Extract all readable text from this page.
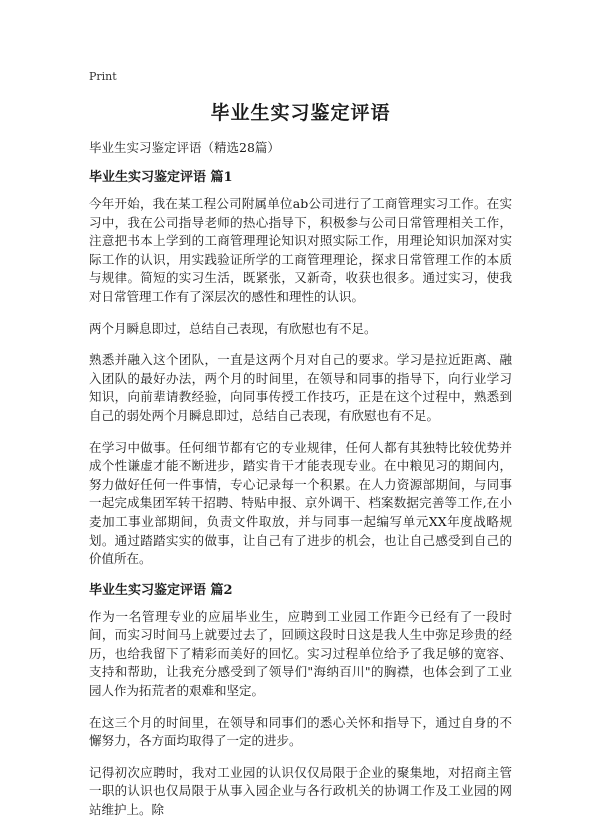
Print
毕业生实习鉴定评语
毕业生实习鉴定评语（精选28篇）
毕业生实习鉴定评语 篇1

今年开始，我在某工程公司附属单位ab公司进行了工商管理实习工作。在实习中，我在公司指导老师的热心指导下，积极参与公司日常管理相关工作，注意把书本上学到的工商管理理论知识对照实际工作，用理论知识加深对实际工作的认识，用实践验证所学的工商管理理论，探求日常管理工作的本质与规律。简短的实习生活，既紧张，又新奇，收获也很多。通过实习，使我对日常管理工作有了深层次的感性和理性的认识。

两个月瞬息即过，总结自己表现，有欣慰也有不足。

熟悉并融入这个团队，一直是这两个月对自己的要求。学习是拉近距离、融入团队的最好办法，两个月的时间里，在领导和同事的指导下，向行业学习知识，向前辈请教经验，向同事传授工作技巧，正是在这个过程中，熟悉到自己的弱处两个月瞬息即过，总结自己表现，有欣慰也有不足。

在学习中做事。任何细节都有它的专业规律，任何人都有其独特比较优势并成个性谦虚才能不断进步，踏实肯干才能表现专业。在中粮见习的期间内，努力做好任何一件事情，专心记录每一个积累。在人力资源部期间，与同事一起完成集团军转干招聘、特贴申报、京外调干、档案数据完善等工作,在小麦加工事业部期间，负责文件取放，并与同事一起编写单元XX年度战略规划。通过踏踏实实的做事，让自己有了进步的机会，也让自己感受到自己的价值所在。

毕业生实习鉴定评语 篇2

作为一名管理专业的应届毕业生，应聘到工业园工作距今已经有了一段时间，而实习时间马上就要过去了，回顾这段时日这是我人生中弥足珍贵的经历，也给我留下了精彩而美好的回忆。实习过程单位给予了我足够的宽容、支持和帮助，让我充分感受到了领导们"海纳百川"的胸襟，也体会到了工业园人作为拓荒者的艰难和坚定。

在这三个月的时间里，在领导和同事们的悉心关怀和指导下，通过自身的不懈努力，各方面均取得了一定的进步。

记得初次应聘时，我对工业园的认识仅仅局限于企业的聚集地，对招商主管一职的认识也仅局限于从事入园企业与各行政机关的协调工作及工业园的网站维护上。除
